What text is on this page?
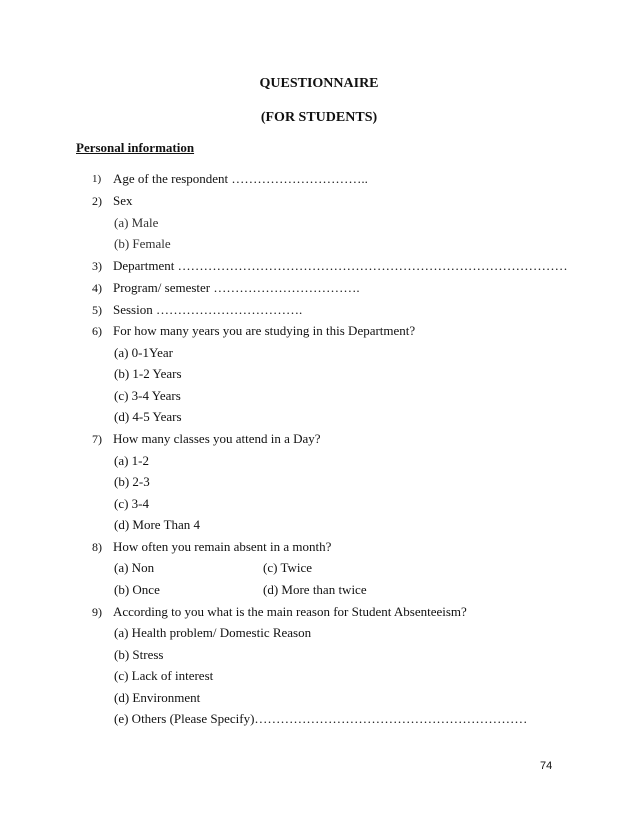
QUESTIONNAIRE
(FOR STUDENTS)
Personal information
1) Age of the respondent …………………………..
2) Sex
(a) Male
(b) Female
3) Department ………………………………………………………………………………
4) Program/ semester …………………………….
5) Session …………………………….
6) For how many years you are studying in this Department?
(a) 0-1Year
(b) 1-2 Years
(c) 3-4 Years
(d) 4-5 Years
7) How many classes you attend in a Day?
(a) 1-2
(b) 2-3
(c) 3-4
(d) More Than 4
8) How often you remain absent in a month?
(a) Non
(b) Once
(c) Twice
(d) More than twice
9) According to you what is the main reason for Student Absenteeism?
(a) Health problem/ Domestic Reason
(b) Stress
(c) Lack of interest
(d) Environment
(e) Others (Please Specify)………………………………………………………
74
